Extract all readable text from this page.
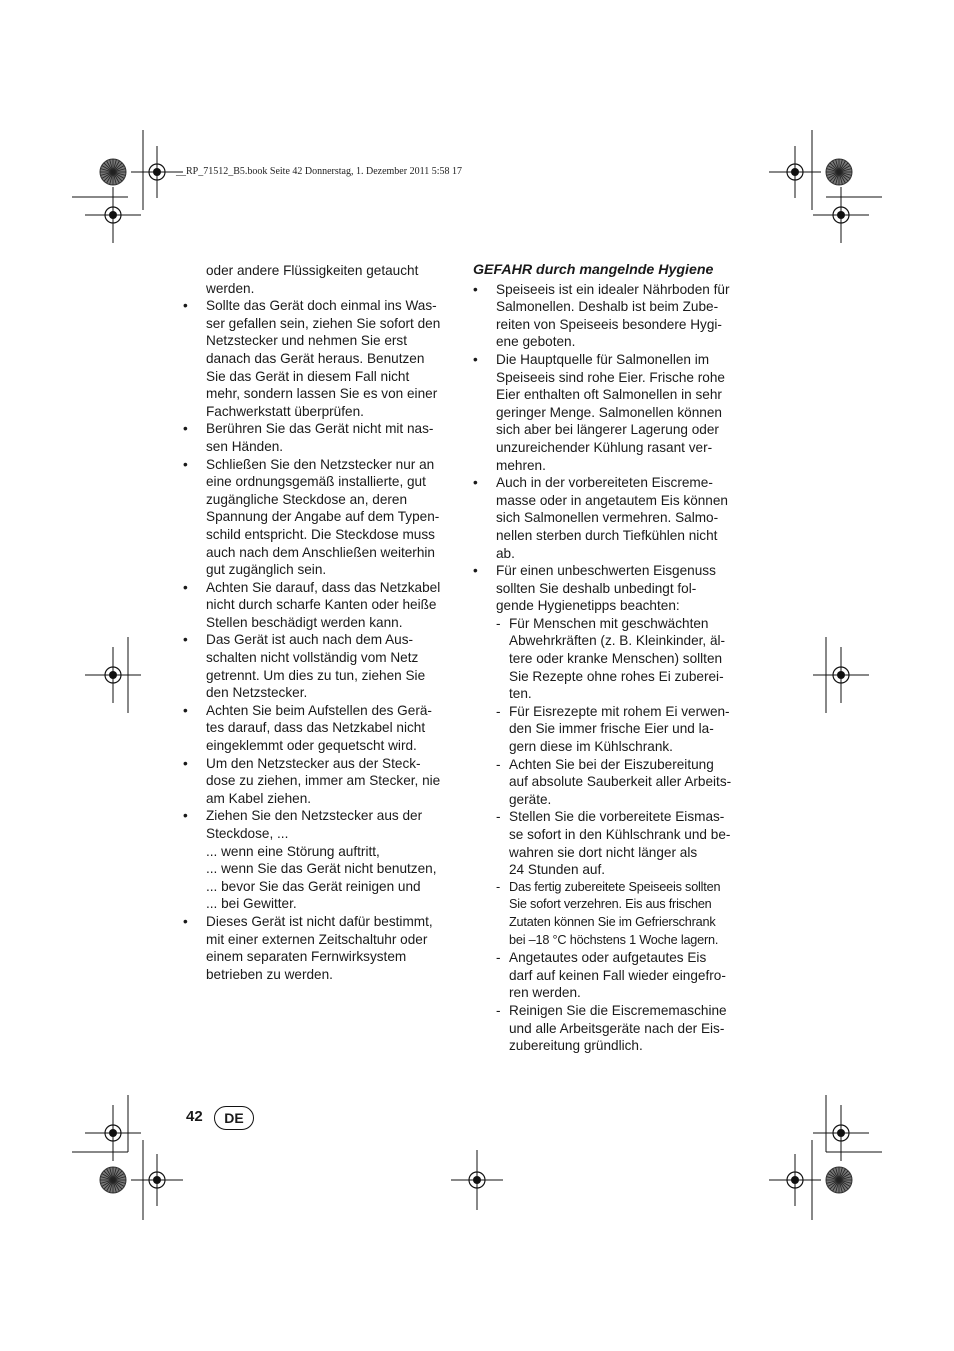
__RP_71512_B5.book Seite 42 Donnerstag, 1. Dezember 2011 5:58 17
oder andere Flüssigkeiten getaucht
werden.
• Sollte das Gerät doch einmal ins Was-
ser gefallen sein, ziehen Sie sofort den
Netzstecker und nehmen Sie erst
danach das Gerät heraus. Benutzen
Sie das Gerät in diesem Fall nicht
mehr, sondern lassen Sie es von einer
Fachwerkstatt überprüfen.
• Berühren Sie das Gerät nicht mit nas-
sen Händen.
• Schließen Sie den Netzstecker nur an
eine ordnungsgemäß installierte, gut
zugängliche Steckdose an, deren
Spannung der Angabe auf dem Typen-
schild entspricht. Die Steckdose muss
auch nach dem Anschließen weiterhin
gut zugänglich sein.
• Achten Sie darauf, dass das Netzkabel
nicht durch scharfe Kanten oder heiße
Stellen beschädigt werden kann.
• Das Gerät ist auch nach dem Aus-
schalten nicht vollständig vom Netz
getrennt. Um dies zu tun, ziehen Sie
den Netzstecker.
• Achten Sie beim Aufstellen des Gerä-
tes darauf, dass das Netzkabel nicht
eingeklemmt oder gequetscht wird.
• Um den Netzstecker aus der Steck-
dose zu ziehen, immer am Stecker, nie
am Kabel ziehen.
• Ziehen Sie den Netzstecker aus der
Steckdose, ...
... wenn eine Störung auftritt,
... wenn Sie das Gerät nicht benutzen,
... bevor Sie das Gerät reinigen und
... bei Gewitter.
• Dieses Gerät ist nicht dafür bestimmt,
mit einer externen Zeitschaltuhr oder
einem separaten Fernwirksystem
betrieben zu werden.
GEFAHR durch mangelnde Hygiene
• Speiseeis ist ein idealer Nährboden für
Salmonellen. Deshalb ist beim Zube-
reiten von Speiseeis besondere Hygi-
ene geboten.
• Die Hauptquelle für Salmonellen im
Speiseeis sind rohe Eier. Frische rohe
Eier enthalten oft Salmonellen in sehr
geringer Menge. Salmonellen können
sich aber bei längerer Lagerung oder
unzureichender Kühlung rasant ver-
mehren.
• Auch in der vorbereiteten Eiscreme-
masse oder in angetautem Eis können
sich Salmonellen vermehren. Salmo-
nellen sterben durch Tiefkühlen nicht
ab.
• Für einen unbeschwerten Eisgenuss
sollten Sie deshalb unbedingt fol-
gende Hygienetipps beachten:
- Für Menschen mit geschwächten
Abwehrkräften (z. B. Kleinkinder, äl-
tere oder kranke Menschen) sollten
Sie Rezepte ohne rohes Ei zuberei-
ten.
- Für Eisrezepte mit rohem Ei verwen-
den Sie immer frische Eier und la-
gern diese im Kühlschrank.
- Achten Sie bei der Eiszubereitung
auf absolute Sauberkeit aller Arbeits-
geräte.
- Stellen Sie die vorbereitete Eismas-
se sofort in den Kühlschrank und be-
wahren sie dort nicht länger als
24 Stunden auf.
- Das fertig zubereitete Speiseeis sollten
Sie sofort verzehren. Eis aus frischen
Zutaten können Sie im Gefrierschrank
bei –18 °C höchstens 1 Woche lagern.
- Angetautes oder aufgetautes Eis
darf auf keinen Fall wieder eingefro-
ren werden.
- Reinigen Sie die Eiscrememaschine
und alle Arbeitsgeräte nach der Eis-
zubereitung gründlich.
42	DE
